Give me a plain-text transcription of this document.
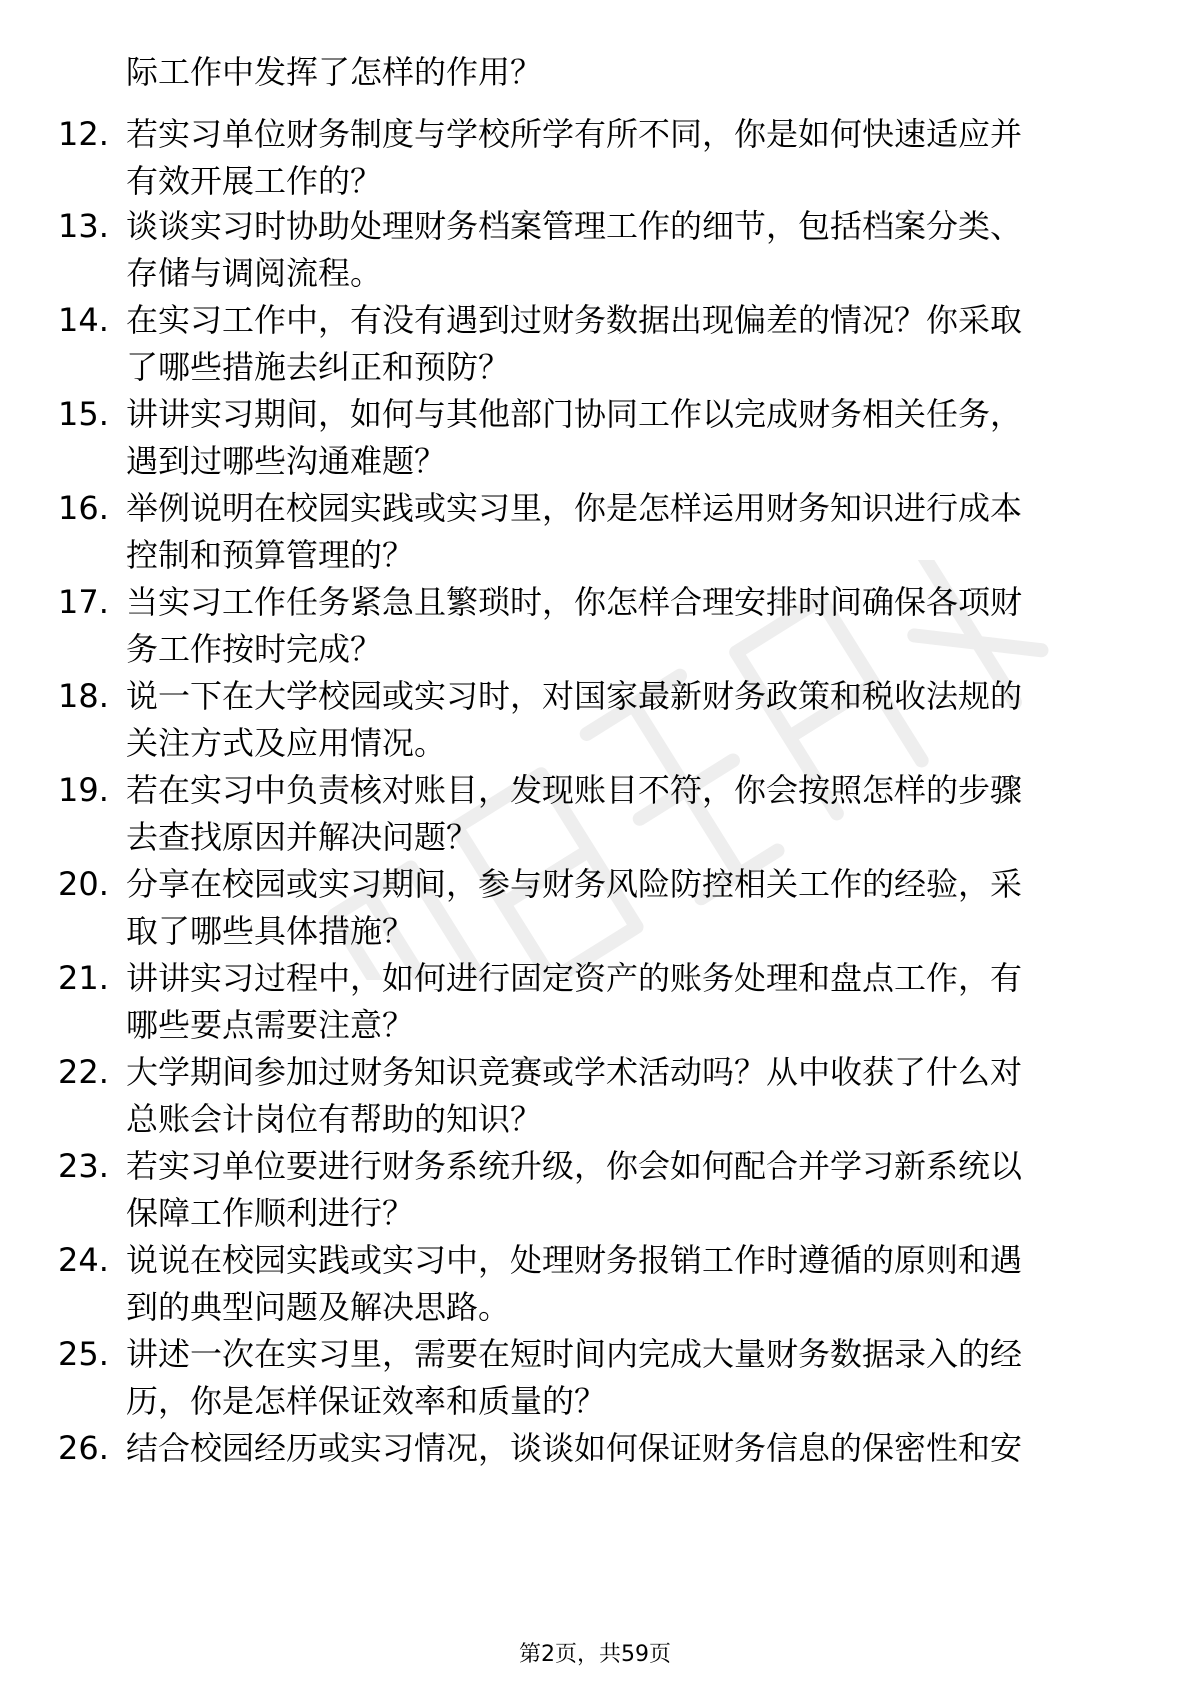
际工作中发挥了怎样的作用？
12. 若实习单位财务制度与学校所学有所不同，你是如何快速适应并
有效开展工作的？
13. 谈谈实习时协助处理财务档案管理工作的细节，包括档案分类、
存储与调阅流程。
14. 在实习工作中，有没有遇到过财务数据出现偏差的情况？你采取
了哪些措施去纠正和预防？
15. 讲讲实习期间，如何与其他部门协同工作以完成财务相关任务，
遇到过哪些沟通难题？
16. 举例说明在校园实践或实习里，你是怎样运用财务知识进行成本
控制和预算管理的？
17. 当实习工作任务紧急且繁琐时，你怎样合理安排时间确保各项财
务工作按时完成？
18. 说一下在大学校园或实习时，对国家最新财务政策和税收法规的
关注方式及应用情况。
19. 若在实习中负责核对账目，发现账目不符，你会按照怎样的步骤
去查找原因并解决问题？
20. 分享在校园或实习期间，参与财务风险防控相关工作的经验，采
取了哪些具体措施？
21. 讲讲实习过程中，如何进行固定资产的账务处理和盘点工作，有
哪些要点需要注意？
22. 大学期间参加过财务知识竞赛或学术活动吗？从中收获了什么对
总账会计岗位有帮助的知识？
23. 若实习单位要进行财务系统升级，你会如何配合并学习新系统以
保障工作顺利进行？
24. 说说在校园实践或实习中，处理财务报销工作时遵循的原则和遇
到的典型问题及解决思路。
25. 讲述一次在实习里，需要在短时间内完成大量财务数据录入的经
历，你是怎样保证效率和质量的？
26. 结合校园经历或实习情况，谈谈如何保证财务信息的保密性和安
第2页，共59页
